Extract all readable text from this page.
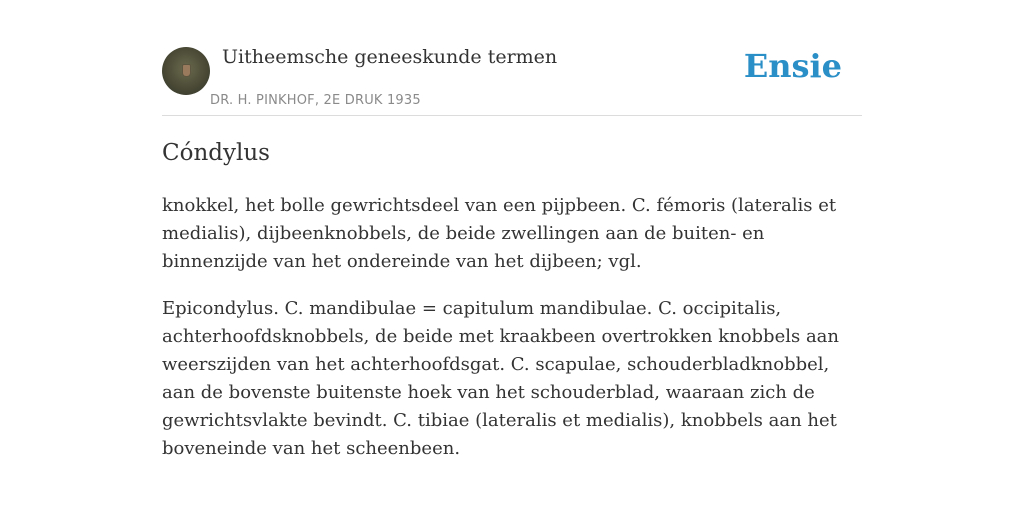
Uitheemsche geneeskunde termen
DR. H. PINKHOF, 2E DRUK 1935
Ensie
Cóndylus

knokkel, het bolle gewrichtsdeel van een pijpbeen. C. fémoris (lateralis et medialis), dijbeenknobbels, de beide zwellingen aan de buiten- en binnenzijde van het ondereinde van het dijbeen; vgl.

Epicondylus. C. mandibulae = capitulum mandibulae. C. occipitalis, achterhoofdsknobbels, de beide met kraakbeen overtrokken knobbels aan weerszijden van het achterhoofdsgat. C. scapulae, schouderbladknobbel, aan de bovenste buitenste hoek van het schouderblad, waaraan zich de gewrichtsvlakte bevindt. C. tibiae (lateralis et medialis), knobbels aan het boveneinde van het scheenbeen.
